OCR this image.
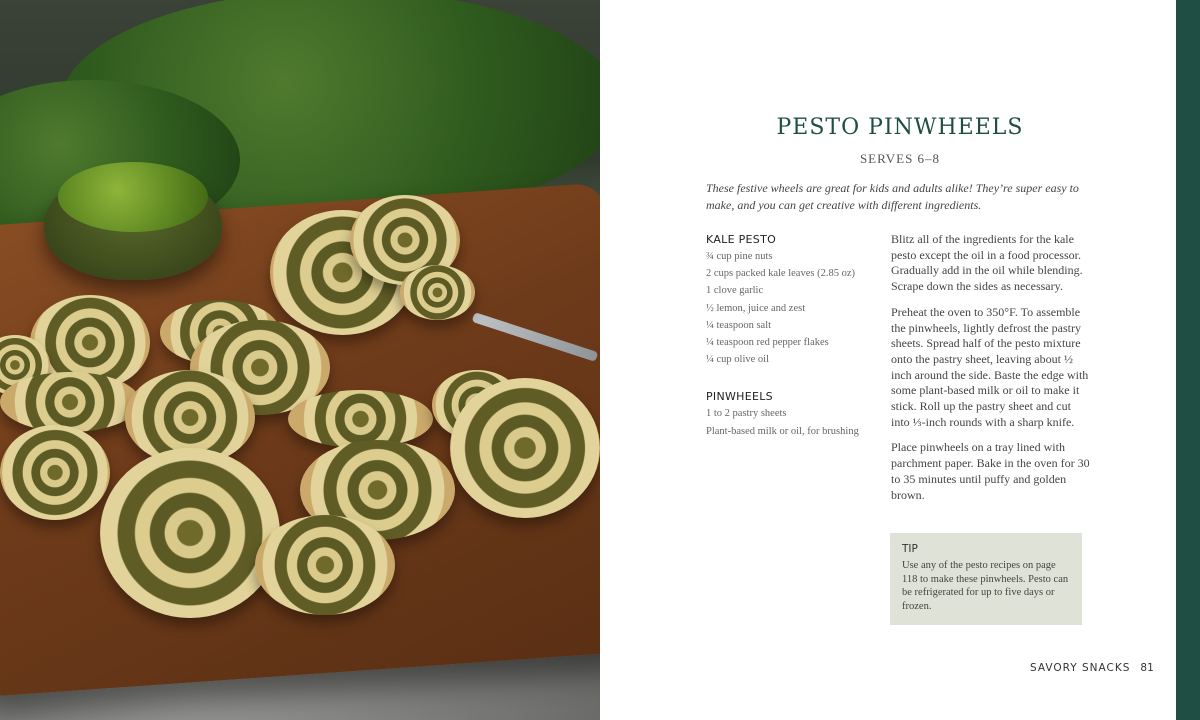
PESTO PINWHEELS
SERVES 6–8
These festive wheels are great for kids and adults alike! They’re super easy to make, and you can get creative with different ingredients.
KALE PESTO
¾ cup pine nuts
2 cups packed kale leaves (2.85 oz)
1 clove garlic
½ lemon, juice and zest
¼ teaspoon salt
¼ teaspoon red pepper flakes
¼ cup olive oil
PINWHEELS
1 to 2 pastry sheets
Plant-based milk or oil, for brushing

Blitz all of the ingredients for the kale pesto except the oil in a food processor. Gradually add in the oil while blending. Scrape down the sides as necessary.

Preheat the oven to 350°F. To assemble the pinwheels, lightly defrost the pastry sheets. Spread half of the pesto mixture onto the pastry sheet, leaving about ½ inch around the side. Baste the edge with some plant-based milk or oil to make it stick. Roll up the pastry sheet and cut into ⅓-inch rounds with a sharp knife.

Place pinwheels on a tray lined with parchment paper. Bake in the oven for 30 to 35 minutes until puffy and golden brown.

TIP
Use any of the pesto recipes on page 118 to make these pinwheels. Pesto can be refrigerated for up to five days or frozen.
SAVORY SNACKS 81
